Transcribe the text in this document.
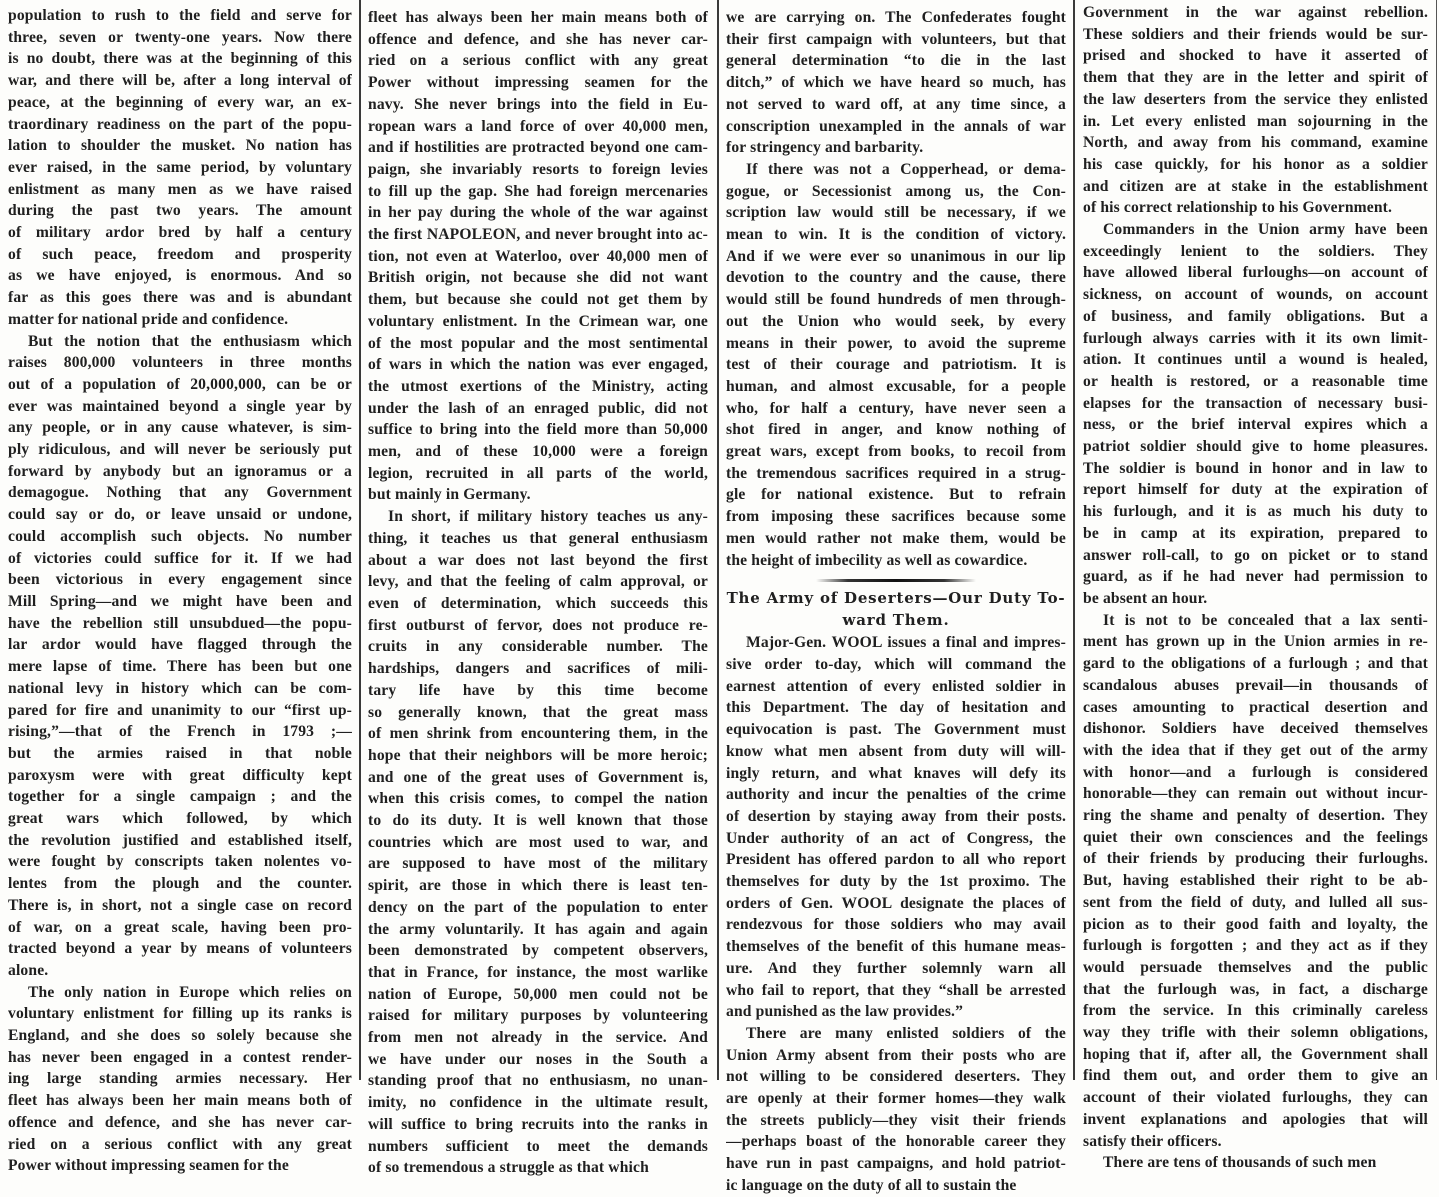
population to rush to the field and serve for
three, seven or twenty-one years. Now there
is no doubt, there was at the beginning of this
war, and there will be, after a long interval of
peace, at the beginning of every war, an ex-
traordinary readiness on the part of the popu-
lation to shoulder the musket. No nation has
ever raised, in the same period, by voluntary
enlistment as many men as we have raised
during the past two years. The amount
of military ardor bred by half a century
of such peace, freedom and prosperity
as we have enjoyed, is enormous. And so
far as this goes there was and is abundant
matter for national pride and confidence.

But the notion that the enthusiasm which
raises 800,000 volunteers in three months
out of a population of 20,000,000, can be or
ever was maintained beyond a single year by
any people, or in any cause whatever, is sim-
ply ridiculous, and will never be seriously put
forward by anybody but an ignoramus or a
demagogue. Nothing that any Government
could say or do, or leave unsaid or undone,
could accomplish such objects. No number
of victories could suffice for it. If we had
been victorious in every engagement since
Mill Spring—and we might have been and
have the rebellion still unsubdued—the popu-
lar ardor would have flagged through the
mere lapse of time. There has been but one
national levy in history which can be com-
pared for fire and unanimity to our “first up-
rising,”—that of the French in 1793 ;—
but the armies raised in that noble
paroxysm were with great difficulty kept
together for a single campaign ; and the
great wars which followed, by which
the revolution justified and established itself,
were fought by conscripts taken nolentes vo-
lentes from the plough and the counter.
There is, in short, not a single case on record
of war, on a great scale, having been pro-
tracted beyond a year by means of volunteers
alone.

The only nation in Europe which relies on
voluntary enlistment for filling up its ranks is
England, and she does so solely because she
has never been engaged in a contest render-
ing large standing armies necessary. Her
fleet has always been her main means both of
offence and defence, and she has never car-
ried on a serious conflict with any great
Power without impressing seamen for the

fleet has always been her main means both of
offence and defence, and she has never car-
ried on a serious conflict with any great
Power without impressing seamen for the
navy. She never brings into the field in Eu-
ropean wars a land force of over 40,000 men,
and if hostilities are protracted beyond one cam-
paign, she invariably resorts to foreign levies
to fill up the gap. She had foreign mercenaries
in her pay during the whole of the war against
the first NAPOLEON, and never brought into ac-
tion, not even at Waterloo, over 40,000 men of
British origin, not because she did not want
them, but because she could not get them by
voluntary enlistment. In the Crimean war, one
of the most popular and the most sentimental
of wars in which the nation was ever engaged,
the utmost exertions of the Ministry, acting
under the lash of an enraged public, did not
suffice to bring into the field more than 50,000
men, and of these 10,000 were a foreign
legion, recruited in all parts of the world,
but mainly in Germany.

In short, if military history teaches us any-
thing, it teaches us that general enthusiasm
about a war does not last beyond the first
levy, and that the feeling of calm approval, or
even of determination, which succeeds this
first outburst of fervor, does not produce re-
cruits in any considerable number. The
hardships, dangers and sacrifices of mili-
tary life have by this time become
so generally known, that the great mass
of men shrink from encountering them, in the
hope that their neighbors will be more heroic;
and one of the great uses of Government is,
when this crisis comes, to compel the nation
to do its duty. It is well known that those
countries which are most used to war, and
are supposed to have most of the military
spirit, are those in which there is least ten-
dency on the part of the population to enter
the army voluntarily. It has again and again
been demonstrated by competent observers,
that in France, for instance, the most warlike
nation of Europe, 50,000 men could not be
raised for military purposes by volunteering
from men not already in the service. And
we have under our noses in the South a
standing proof that no enthusiasm, no unan-
imity, no confidence in the ultimate result,
will suffice to bring recruits into the ranks in
numbers sufficient to meet the demands
of so tremendous a struggle as that which

we are carrying on. The Confederates fought
their first campaign with volunteers, but that
general determination “to die in the last
ditch,” of which we have heard so much, has
not served to ward off, at any time since, a
conscription unexampled in the annals of war
for stringency and barbarity.

If there was not a Copperhead, or dema-
gogue, or Secessionist among us, the Con-
scription law would still be necessary, if we
mean to win. It is the condition of victory.
And if we were ever so unanimous in our lip
devotion to the country and the cause, there
would still be found hundreds of men through-
out the Union who would seek, by every
means in their power, to avoid the supreme
test of their courage and patriotism. It is
human, and almost excusable, for a people
who, for half a century, have never seen a
shot fired in anger, and know nothing of
great wars, except from books, to recoil from
the tremendous sacrifices required in a strug-
gle for national existence. But to refrain
from imposing these sacrifices because some
men would rather not make them, would be
the height of imbecility as well as cowardice.

The Army of Deserters—Our Duty To-
ward Them.

Major-Gen. WOOL issues a final and impres-
sive order to-day, which will command the
earnest attention of every enlisted soldier in
this Department. The day of hesitation and
equivocation is past. The Government must
know what men absent from duty will will-
ingly return, and what knaves will defy its
authority and incur the penalties of the crime
of desertion by staying away from their posts.
Under authority of an act of Congress, the
President has offered pardon to all who report
themselves for duty by the 1st proximo. The
orders of Gen. WOOL designate the places of
rendezvous for those soldiers who may avail
themselves of the benefit of this humane meas-
ure. And they further solemnly warn all
who fail to report, that they “shall be arrested
and punished as the law provides.”

There are many enlisted soldiers of the
Union Army absent from their posts who are
not willing to be considered deserters. They
are openly at their former homes—they walk
the streets publicly—they visit their friends
—perhaps boast of the honorable career they
have run in past campaigns, and hold patriot-
ic language on the duty of all to sustain the

Government in the war against rebellion.
These soldiers and their friends would be sur-
prised and shocked to have it asserted of
them that they are in the letter and spirit of
the law deserters from the service they enlisted
in. Let every enlisted man sojourning in the
North, and away from his command, examine
his case quickly, for his honor as a soldier
and citizen are at stake in the establishment
of his correct relationship to his Government.

Commanders in the Union army have been
exceedingly lenient to the soldiers. They
have allowed liberal furloughs—on account of
sickness, on account of wounds, on account
of business, and family obligations. But a
furlough always carries with it its own limit-
ation. It continues until a wound is healed,
or health is restored, or a reasonable time
elapses for the transaction of necessary busi-
ness, or the brief interval expires which a
patriot soldier should give to home pleasures.
The soldier is bound in honor and in law to
report himself for duty at the expiration of
his furlough, and it is as much his duty to
be in camp at its expiration, prepared to
answer roll-call, to go on picket or to stand
guard, as if he had never had permission to
be absent an hour.

It is not to be concealed that a lax senti-
ment has grown up in the Union armies in re-
gard to the obligations of a furlough ; and that
scandalous abuses prevail—in thousands of
cases amounting to practical desertion and
dishonor. Soldiers have deceived themselves
with the idea that if they get out of the army
with honor—and a furlough is considered
honorable—they can remain out without incur-
ring the shame and penalty of desertion. They
quiet their own consciences and the feelings
of their friends by producing their furloughs.
But, having established their right to be ab-
sent from the field of duty, and lulled all sus-
picion as to their good faith and loyalty, the
furlough is forgotten ; and they act as if they
would persuade themselves and the public
that the furlough was, in fact, a discharge
from the service. In this criminally careless
way they trifle with their solemn obligations,
hoping that if, after all, the Government shall
find them out, and order them to give an
account of their violated furloughs, they can
invent explanations and apologies that will
satisfy their officers.

There are tens of thousands of such men
